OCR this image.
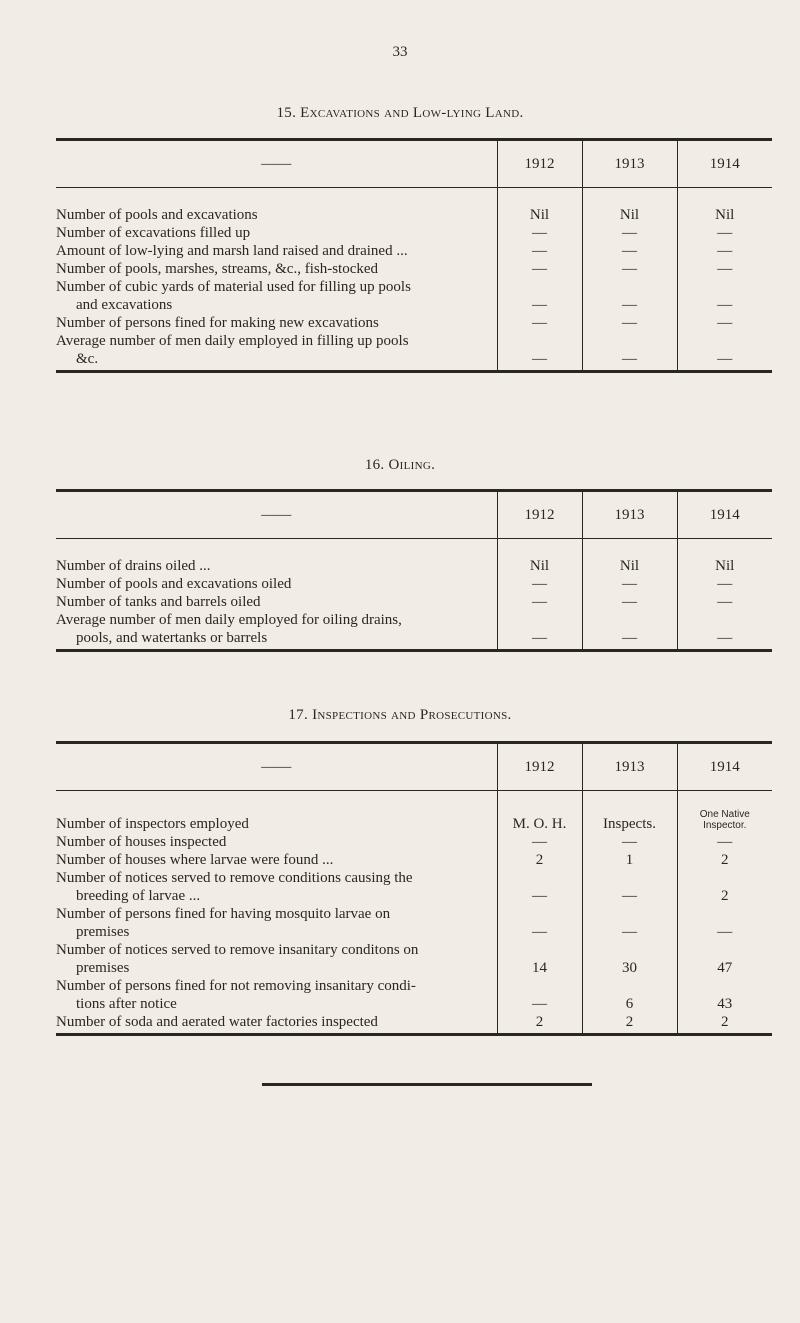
33
15. Excavations and Low-lying Land.
——	1912	1913	1914
Number of pools and excavations	Nil	Nil	Nil
Number of excavations filled up	—	—	—
Amount of low-lying and marsh land raised and drained ...	—	—	—
Number of pools, marshes, streams, &c., fish-stocked	—	—	—
Number of cubic yards of material used for filling up pools
and excavations	—	—	—
Number of persons fined for making new excavations	—	—	—
Average number of men daily employed in filling up pools
&c.	—	—	—
16. Oiling.
——	1912	1913	1914
Number of drains oiled ...	Nil	Nil	Nil
Number of pools and excavations oiled	—	—	—
Number of tanks and barrels oiled	—	—	—
Average number of men daily employed for oiling drains,
pools, and watertanks or barrels	—	—	—
17. Inspections and Prosecutions.
——	1912	1913	1914
Number of inspectors employed	M. O. H.	Inspects.	One Native Inspector.
Number of houses inspected	—	—	—
Number of houses where larvae were found ...	2	1	2
Number of notices served to remove conditions causing the
breeding of larvae ...	—	—	2
Number of persons fined for having mosquito larvae on
premises	—	—	—
Number of notices served to remove insanitary conditons on
premises	14	30	47
Number of persons fined for not removing insanitary condi-
tions after notice	—	6	43
Number of soda and aerated water factories inspected	2	2	2
